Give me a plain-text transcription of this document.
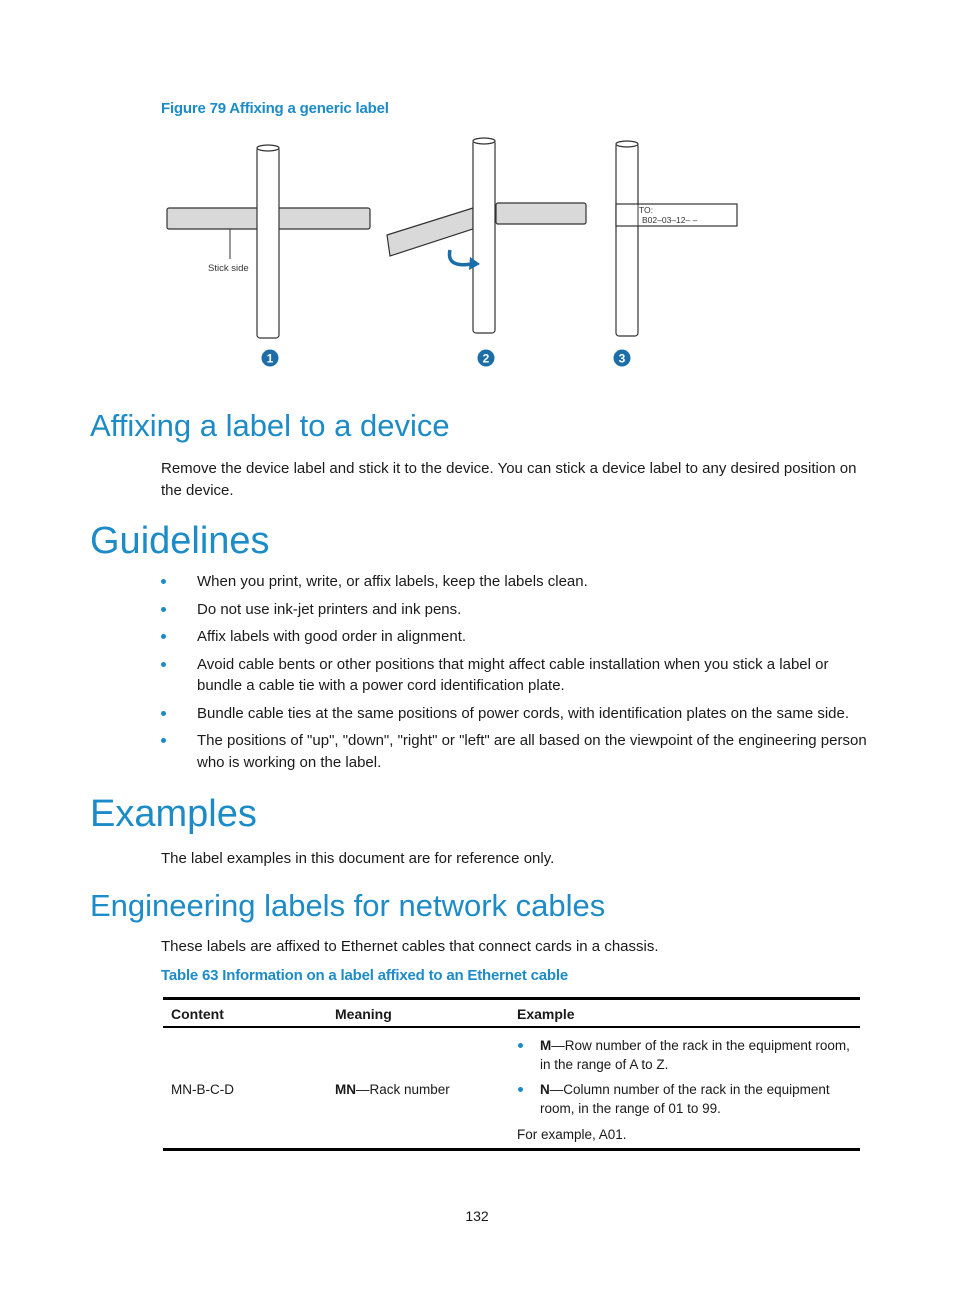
Figure 79 Affixing a generic label
Stick side
TO:
B02–03–12– –
1	2	3
Affixing a label to a device

Remove the device label and stick it to the device. You can stick a device label to any desired position on the device.

Guidelines
When you print, write, or affix labels, keep the labels clean.
Do not use ink-jet printers and ink pens.
Affix labels with good order in alignment.
Avoid cable bents or other positions that might affect cable installation when you stick a label or bundle a cable tie with a power cord identification plate.
Bundle cable ties at the same positions of power cords, with identification plates on the same side.
The positions of "up", "down", "right" or "left" are all based on the viewpoint of the engineering person who is working on the label.
Examples

The label examples in this document are for reference only.

Engineering labels for network cables

These labels are affixed to Ethernet cables that connect cards in a chassis.

Table 63 Information on a label affixed to an Ethernet cable
Content	Meaning	Example
MN-B-C-D	MN—Rack number
M—Row number of the rack in the equipment room, in the range of A to Z.
N—Column number of the rack in the equipment room, in the range of 01 to 99.
For example, A01.
132
